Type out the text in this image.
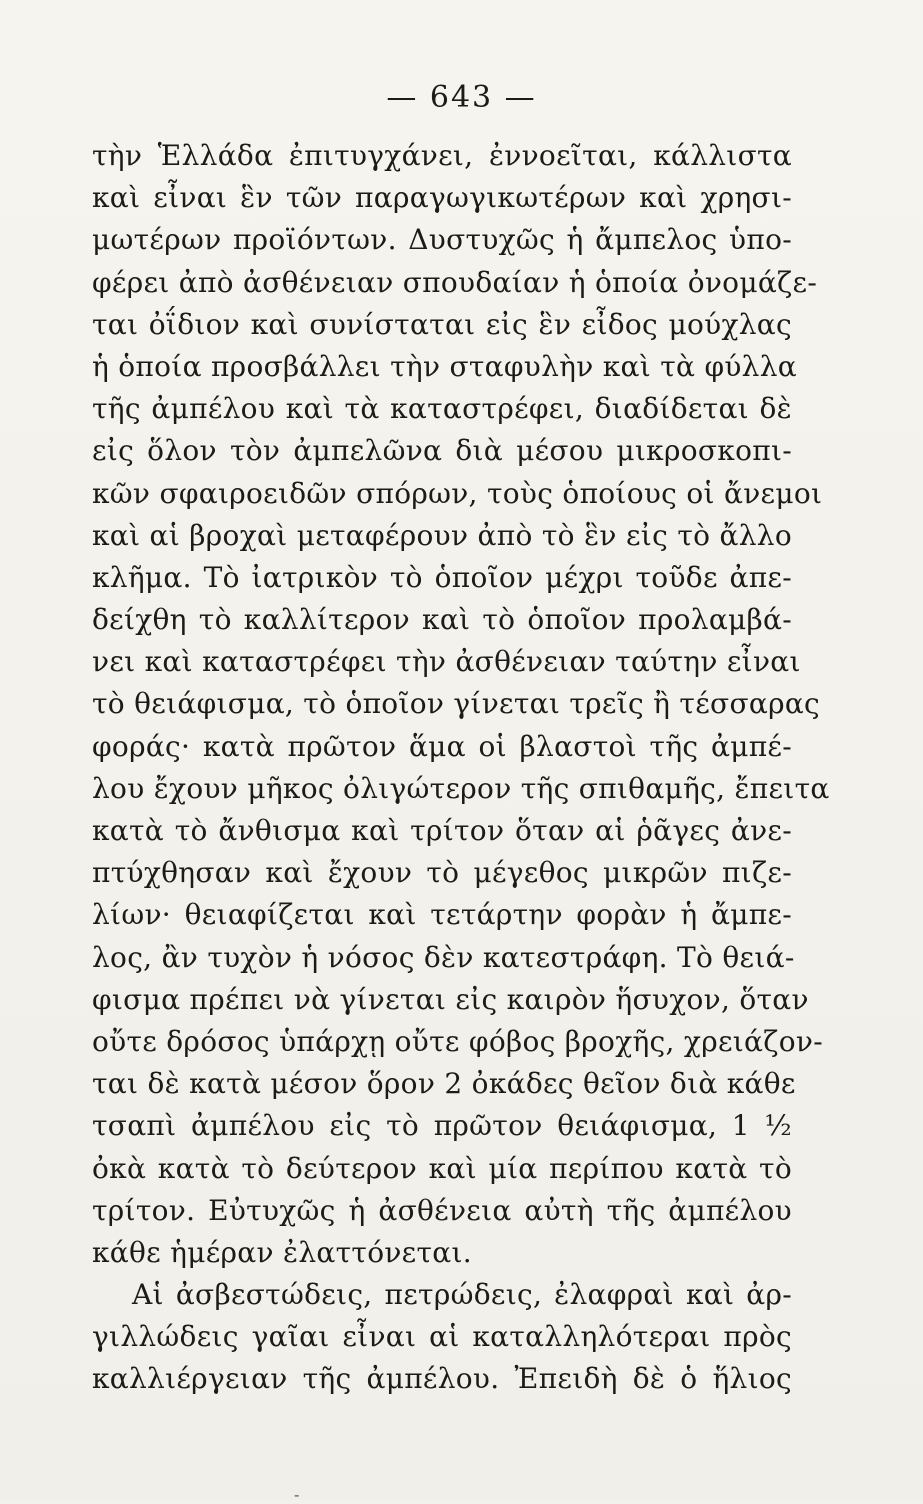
— 643 —
τὴν Ἑλλάδα ἐπιτυγχάνει, ἐννοεῖται, κάλλιστα
καὶ εἶναι ἓν τῶν παραγωγικωτέρων καὶ χρησι-
μωτέρων προϊόντων. Δυστυχῶς ἡ ἄμπελος ὑπο-
φέρει ἀπὸ ἀσθένειαν σπουδαίαν ἡ ὁποία ὀνομάζε-
ται ὀΐδιον καὶ συνίσταται εἰς ἓν εἶδος μούχλας
ἡ ὁποία προσβάλλει τὴν σταφυλὴν καὶ τὰ φύλλα
τῆς ἀμπέλου καὶ τὰ καταστρέφει, διαδίδεται δὲ
εἰς ὅλον τὸν ἀμπελῶνα διὰ μέσου μικροσκοπι-
κῶν σφαιροειδῶν σπόρων, τοὺς ὁποίους οἱ ἄνεμοι
καὶ αἱ βροχαὶ μεταφέρουν ἀπὸ τὸ ἓν εἰς τὸ ἄλλο
κλῆμα. Τὸ ἰατρικὸν τὸ ὁποῖον μέχρι τοῦδε ἀπε-
δείχθη τὸ καλλίτερον καὶ τὸ ὁποῖον προλαμβά-
νει καὶ καταστρέφει τὴν ἀσθένειαν ταύτην εἶναι
τὸ θειάφισμα, τὸ ὁποῖον γίνεται τρεῖς ἢ τέσσαρας
φοράς· κατὰ πρῶτον ἅμα οἱ βλαστοὶ τῆς ἀμπέ-
λου ἔχουν μῆκος ὀλιγώτερον τῆς σπιθαμῆς, ἔπειτα
κατὰ τὸ ἄνθισμα καὶ τρίτον ὅταν αἱ ῥᾶγες ἀνε-
πτύχθησαν καὶ ἔχουν τὸ μέγεθος μικρῶν πιζε-
λίων· θειαφίζεται καὶ τετάρτην φορὰν ἡ ἄμπε-
λος, ἂν τυχὸν ἡ νόσος δὲν κατεστράφη. Τὸ θειά-
φισμα πρέπει νὰ γίνεται εἰς καιρὸν ἥσυχον, ὅταν
οὔτε δρόσος ὑπάρχῃ οὔτε φόβος βροχῆς, χρειάζον-
ται δὲ κατὰ μέσον ὅρον 2 ὀκάδες θεῖον διὰ κάθε
τσαπὶ ἀμπέλου εἰς τὸ πρῶτον θειάφισμα, 1 ½
ὀκὰ κατὰ τὸ δεύτερον καὶ μία περίπου κατὰ τὸ
τρίτον. Εὐτυχῶς ἡ ἀσθένεια αὐτὴ τῆς ἀμπέλου
κάθε ἡμέραν ἐλαττόνεται.
Αἱ ἀσβεστώδεις, πετρώδεις, ἐλαφραὶ καὶ ἀρ-
γιλλώδεις γαῖαι εἶναι αἱ καταλληλότεραι πρὸς
καλλιέργειαν τῆς ἀμπέλου. Ἐπειδὴ δὲ ὁ ἥλιος
-
